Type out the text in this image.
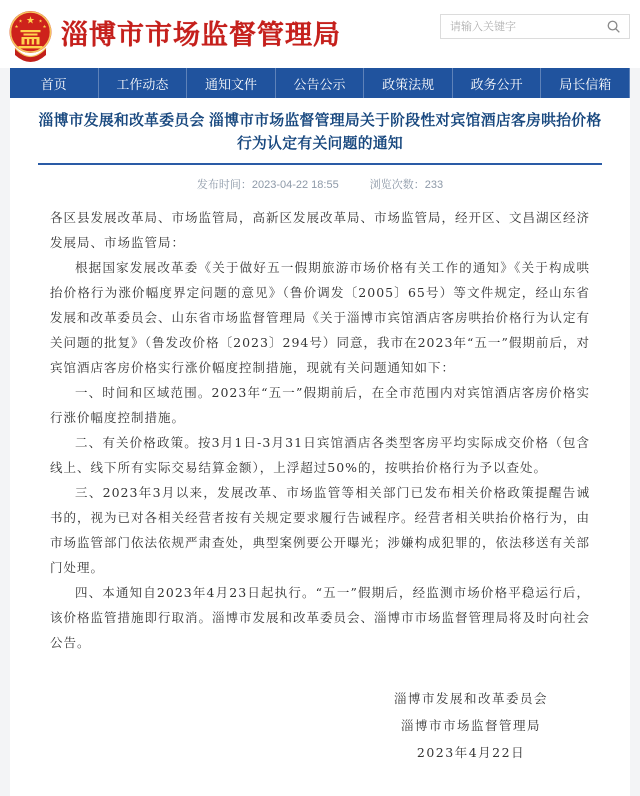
★
★	★
★	★ 淄博市市场监督管理局
请输入关键字
首页	工作动态	通知文件	公告公示	政策法规	政务公开	局长信箱
淄博市发展和改革委员会 淄博市市场监督管理局关于阶段性对宾馆酒店客房哄抬价格行为认定有关问题的通知
发布时间：2023-04-22 18:55	浏览次数：233

各区县发展改革局、市场监管局，高新区发展改革局、市场监管局，经开区、文昌湖区经济发展局、市场监管局：

根据国家发展改革委《关于做好五一假期旅游市场价格有关工作的通知》《关于构成哄抬价格行为涨价幅度界定问题的意见》（鲁价调发〔2005〕65号）等文件规定，经山东省发展和改革委员会、山东省市场监督管理局《关于淄博市宾馆酒店客房哄抬价格行为认定有关问题的批复》（鲁发改价格〔2023〕294号）同意，我市在2023年“五一”假期前后，对宾馆酒店客房价格实行涨价幅度控制措施，现就有关问题通知如下：

一、时间和区域范围。2023年“五一”假期前后，在全市范围内对宾馆酒店客房价格实行涨价幅度控制措施。

二、有关价格政策。按3月1日-3月31日宾馆酒店各类型客房平均实际成交价格（包含线上、线下所有实际交易结算金额），上浮超过50%的，按哄抬价格行为予以查处。

三、2023年3月以来，发展改革、市场监管等相关部门已发布相关价格政策提醒告诫书的，视为已对各相关经营者按有关规定要求履行告诫程序。经营者相关哄抬价格行为，由市场监管部门依法依规严肃查处，典型案例要公开曝光；涉嫌构成犯罪的，依法移送有关部门处理。

四、本通知自2023年4月23日起执行。“五一”假期后，经监测市场价格平稳运行后，该价格监管措施即行取消。淄博市发展和改革委员会、淄博市市场监督管理局将及时向社会公告。

淄博市发展和改革委员会
淄博市市场监督管理局
2023年4月22日
